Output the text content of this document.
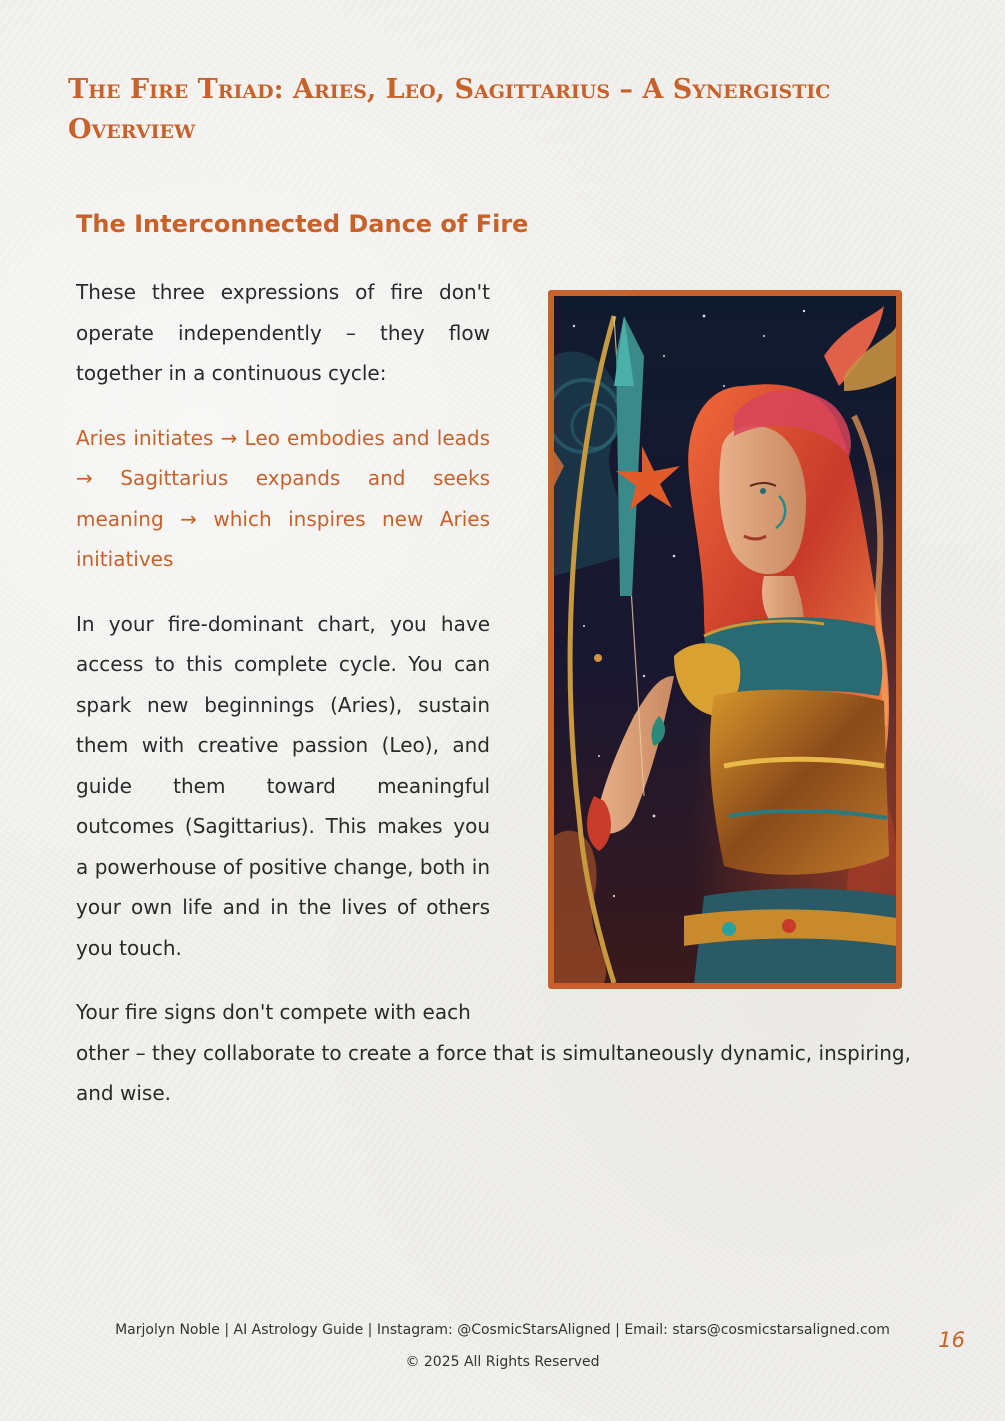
The Fire Triad: Aries, Leo, Sagittarius – A Synergistic Overview
The Interconnected Dance of Fire

These three expressions of fire don't operate independently – they flow together in a continuous cycle:

Aries initiates → Leo embodies and leads → Sagittarius expands and seeks meaning → which inspires new Aries initiatives

In your fire-dominant chart, you have access to this complete cycle. You can spark new beginnings (Aries), sustain them with creative passion (Leo), and guide them toward meaningful outcomes (Sagittarius). This makes you a powerhouse of positive change, both in your own life and in the lives of others you touch.

Your fire signs don't compete with each other – they collaborate to create a force that is simultaneously dynamic, inspiring, and wise.

Marjolyn Noble | AI Astrology Guide | Instagram: @CosmicStarsAligned | Email: stars@cosmicstarsaligned.com
© 2025 All Rights Reserved
16
